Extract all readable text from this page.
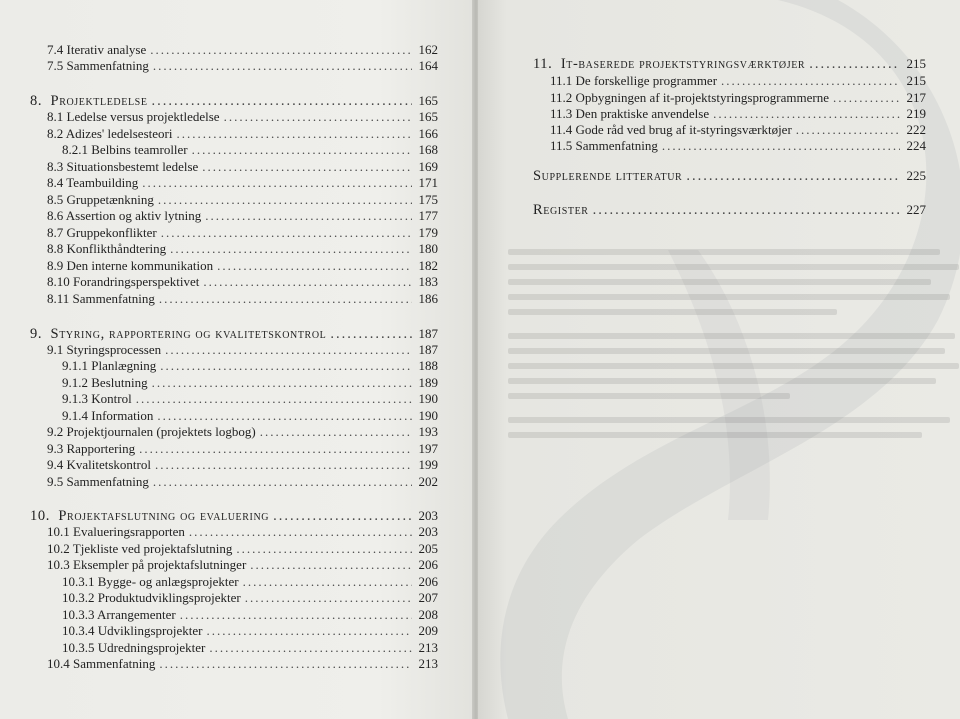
7.4 Iterativ analyse .....	162
7.5 Sammenfatning .....	164
8. Projektledelse .....	165
8.1 Ledelse versus projektledelse .....	165
8.2 Adizes' ledelsesteori .....	166
8.2.1 Belbins teamroller .....	168
8.3 Situationsbestemt ledelse .....	169
8.4 Teambuilding .....	171
8.5 Gruppetænkning .....	175
8.6 Assertion og aktiv lytning .....	177
8.7 Gruppekonflikter .....	179
8.8 Konflikthåndtering .....	180
8.9 Den interne kommunikation .....	182
8.10 Forandringsperspektivet .....	183
8.11 Sammenfatning .....	186
9. Styring, rapportering og kvalitetskontrol .....	187
9.1 Styringsprocessen .....	187
9.1.1 Planlægning .....	188
9.1.2 Beslutning .....	189
9.1.3 Kontrol .....	190
9.1.4 Information .....	190
9.2 Projektjournalen (projektets logbog) .....	193
9.3 Rapportering .....	197
9.4 Kvalitetskontrol .....	199
9.5 Sammenfatning .....	202
10. Projektafslutning og evaluering .....	203
10.1 Evalueringsrapporten .....	203
10.2 Tjekliste ved projektafslutning .....	205
10.3 Eksempler på projektafslutninger .....	206
10.3.1 Bygge- og anlægsprojekter .....	206
10.3.2 Produktudviklingsprojekter .....	207
10.3.3 Arrangementer .....	208
10.3.4 Udviklingsprojekter .....	209
10.3.5 Udredningsprojekter .....	213
10.4 Sammenfatning .....	213
11. It-baserede projektstyringsværktøjer .....	215
11.1 De forskellige programmer .....	215
11.2 Opbygningen af it-projektstyringsprogrammerne .....	217
11.3 Den praktiske anvendelse .....	219
11.4 Gode råd ved brug af it-styringsværktøjer .....	222
11.5 Sammenfatning .....	224
Supplerende litteratur .....	225
Register .....	227
